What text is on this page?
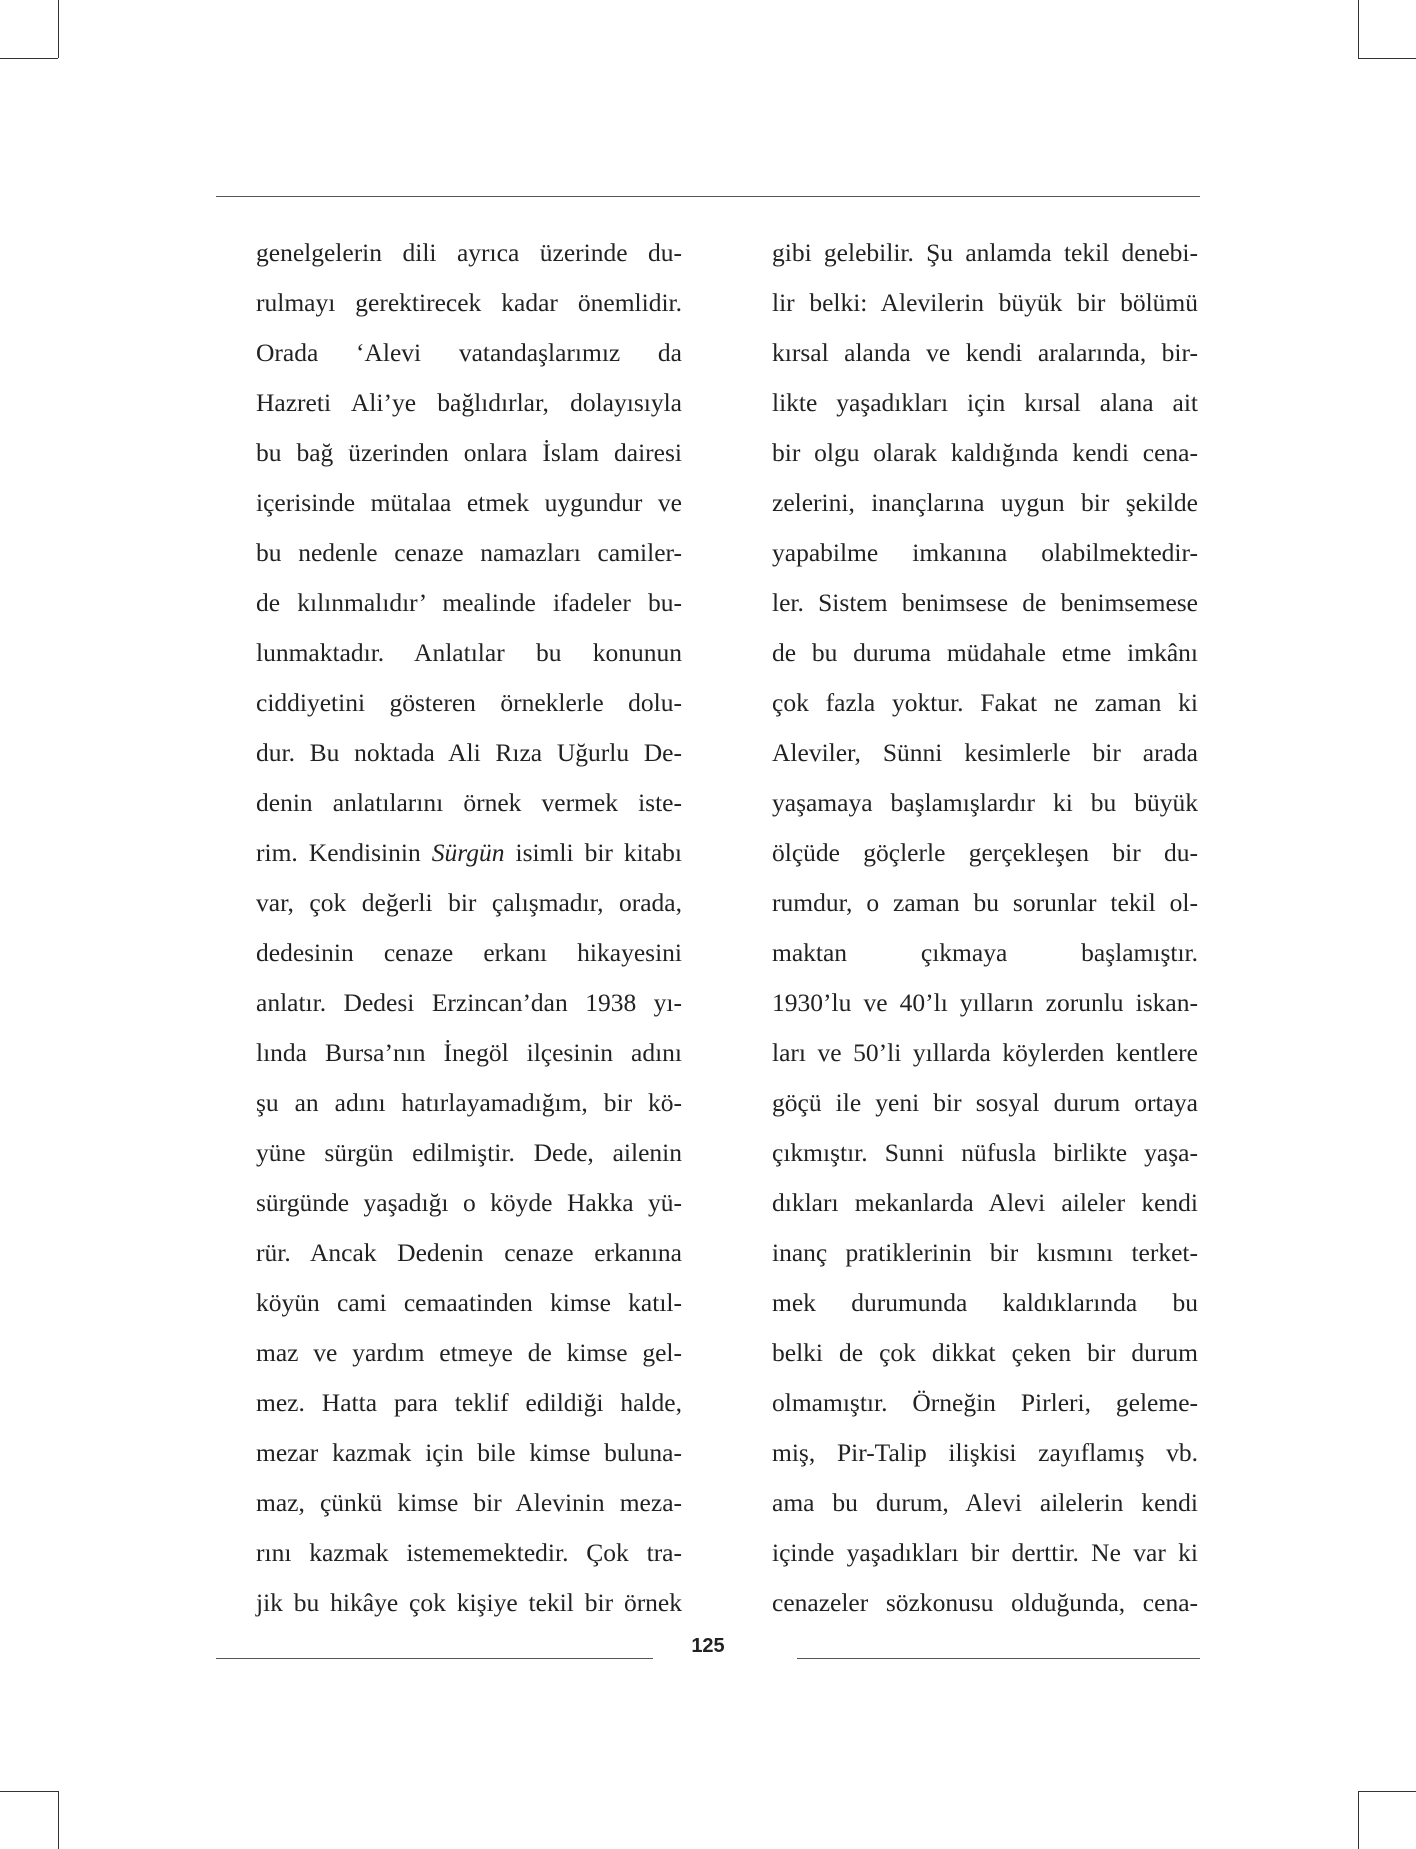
genelgelerin dili ayrıca üzerinde du-
rulmayı gerektirecek kadar önemlidir.
Orada ‘Alevi vatandaşlarımız da
Hazreti Ali’ye bağlıdırlar, dolayısıyla
bu bağ üzerinden onlara İslam dairesi
içerisinde mütalaa etmek uygundur ve
bu nedenle cenaze namazları camiler-
de kılınmalıdır’ mealinde ifadeler bu-
lunmaktadır. Anlatılar bu konunun
ciddiyetini gösteren örneklerle dolu-
dur. Bu noktada Ali Rıza Uğurlu De-
denin anlatılarını örnek vermek iste-
rim. Kendisinin Sürgün isimli bir kitabı
var, çok değerli bir çalışmadır, orada,
dedesinin cenaze erkanı hikayesini
anlatır. Dedesi Erzincan’dan 1938 yı-
lında Bursa’nın İnegöl ilçesinin adını
şu an adını hatırlayamadığım, bir kö-
yüne sürgün edilmiştir. Dede, ailenin
sürgünde yaşadığı o köyde Hakka yü-
rür. Ancak Dedenin cenaze erkanına
köyün cami cemaatinden kimse katıl-
maz ve yardım etmeye de kimse gel-
mez. Hatta para teklif edildiği halde,
mezar kazmak için bile kimse buluna-
maz, çünkü kimse bir Alevinin meza-
rını kazmak istememektedir. Çok tra-
jik bu hikâye çok kişiye tekil bir örnek
gibi gelebilir. Şu anlamda tekil denebi-
lir belki: Alevilerin büyük bir bölümü
kırsal alanda ve kendi aralarında, bir-
likte yaşadıkları için kırsal alana ait
bir olgu olarak kaldığında kendi cena-
zelerini, inançlarına uygun bir şekilde
yapabilme imkanına olabilmektedir-
ler. Sistem benimsese de benimsemese
de bu duruma müdahale etme imkânı
çok fazla yoktur. Fakat ne zaman ki
Aleviler, Sünni kesimlerle bir arada
yaşamaya başlamışlardır ki bu büyük
ölçüde göçlerle gerçekleşen bir du-
rumdur, o zaman bu sorunlar tekil ol-
maktan çıkmaya başlamıştır.
1930’lu ve 40’lı yılların zorunlu iskan-
ları ve 50’li yıllarda köylerden kentlere
göçü ile yeni bir sosyal durum ortaya
çıkmıştır. Sunni nüfusla birlikte yaşa-
dıkları mekanlarda Alevi aileler kendi
inanç pratiklerinin bir kısmını terket-
mek durumunda kaldıklarında bu
belki de çok dikkat çeken bir durum
olmamıştır. Örneğin Pirleri, geleme-
miş, Pir-Talip ilişkisi zayıflamış vb.
ama bu durum, Alevi ailelerin kendi
içinde yaşadıkları bir derttir. Ne var ki
cenazeler sözkonusu olduğunda, cena-
125
